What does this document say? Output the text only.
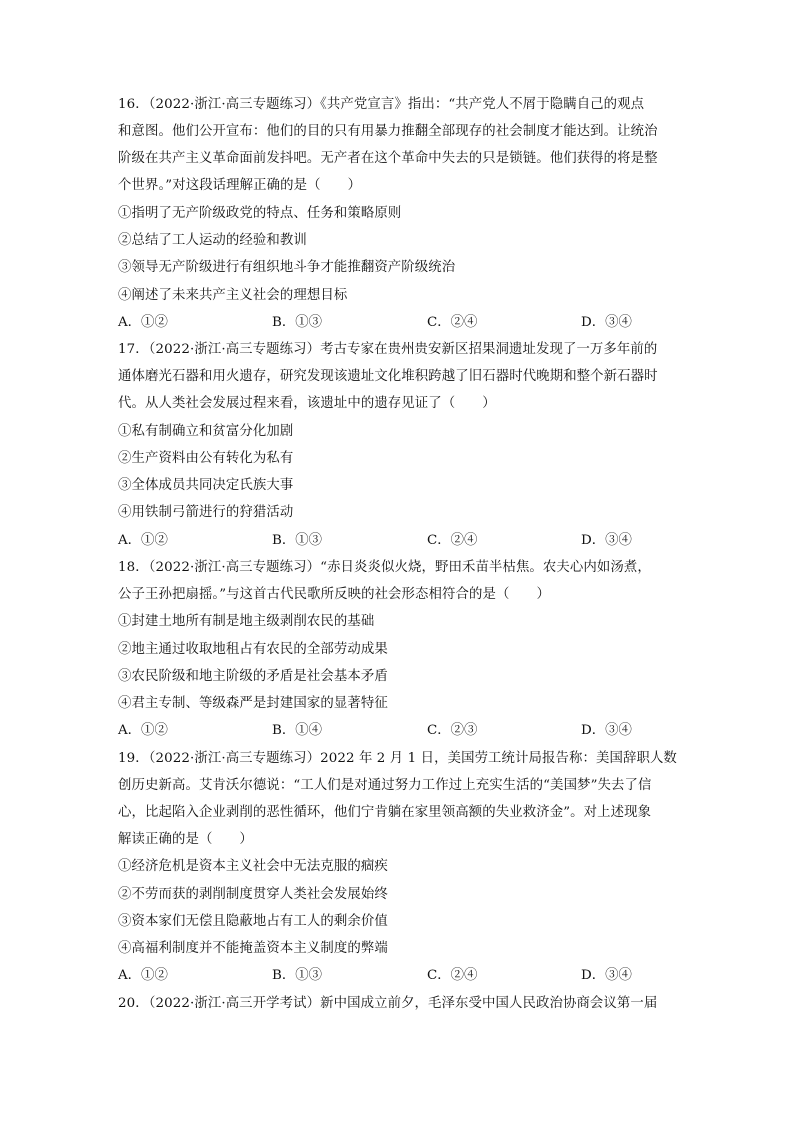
16．（2022·浙江·高三专题练习）《共产党宣言》指出：“共产党人不屑于隐瞒自己的观点
和意图。他们公开宣布：他们的目的只有用暴力推翻全部现存的社会制度才能达到。让统治
阶级在共产主义革命面前发抖吧。无产者在这个革命中失去的只是锁链。他们获得的将是整
个世界。”对这段话理解正确的是（　　）
①指明了无产阶级政党的特点、任务和策略原则
②总结了工人运动的经验和教训
③领导无产阶级进行有组织地斗争才能推翻资产阶级统治
④阐述了未来共产主义社会的理想目标
A．①②	B．①③	C．②④	D．③④
17．（2022·浙江·高三专题练习）考古专家在贵州贵安新区招果洞遗址发现了一万多年前的
通体磨光石器和用火遗存，研究发现该遗址文化堆积跨越了旧石器时代晚期和整个新石器时
代。从人类社会发展过程来看，该遗址中的遗存见证了（　　）
①私有制确立和贫富分化加剧
②生产资料由公有转化为私有
③全体成员共同决定氏族大事
④用铁制弓箭进行的狩猎活动
A．①②	B．①③	C．②④	D．③④
18．（2022·浙江·高三专题练习）“赤日炎炎似火烧，野田禾苗半枯焦。农夫心内如汤煮，
公子王孙把扇摇。”与这首古代民歌所反映的社会形态相符合的是（　　）
①封建土地所有制是地主级剥削农民的基础
②地主通过收取地租占有农民的全部劳动成果
③农民阶级和地主阶级的矛盾是社会基本矛盾
④君主专制、等级森严是封建国家的显著特征
A．①②	B．①④	C．②③	D．③④
19．（2022·浙江·高三专题练习）2022 年 2 月 1 日，美国劳工统计局报告称：美国辞职人数
创历史新高。艾肯沃尔德说：“工人们是对通过努力工作过上充实生活的“美国梦”失去了信
心，比起陷入企业剥削的恶性循环，他们宁肯躺在家里领高额的失业救济金”。对上述现象
解读正确的是（　　）
①经济危机是资本主义社会中无法克服的痼疾
②不劳而获的剥削制度贯穿人类社会发展始终
③资本家们无偿且隐蔽地占有工人的剩余价值
④高福利制度并不能掩盖资本主义制度的弊端
A．①②	B．①③	C．②④	D．③④
20．（2022·浙江·高三开学考试）新中国成立前夕，毛泽东受中国人民政治协商会议第一届
